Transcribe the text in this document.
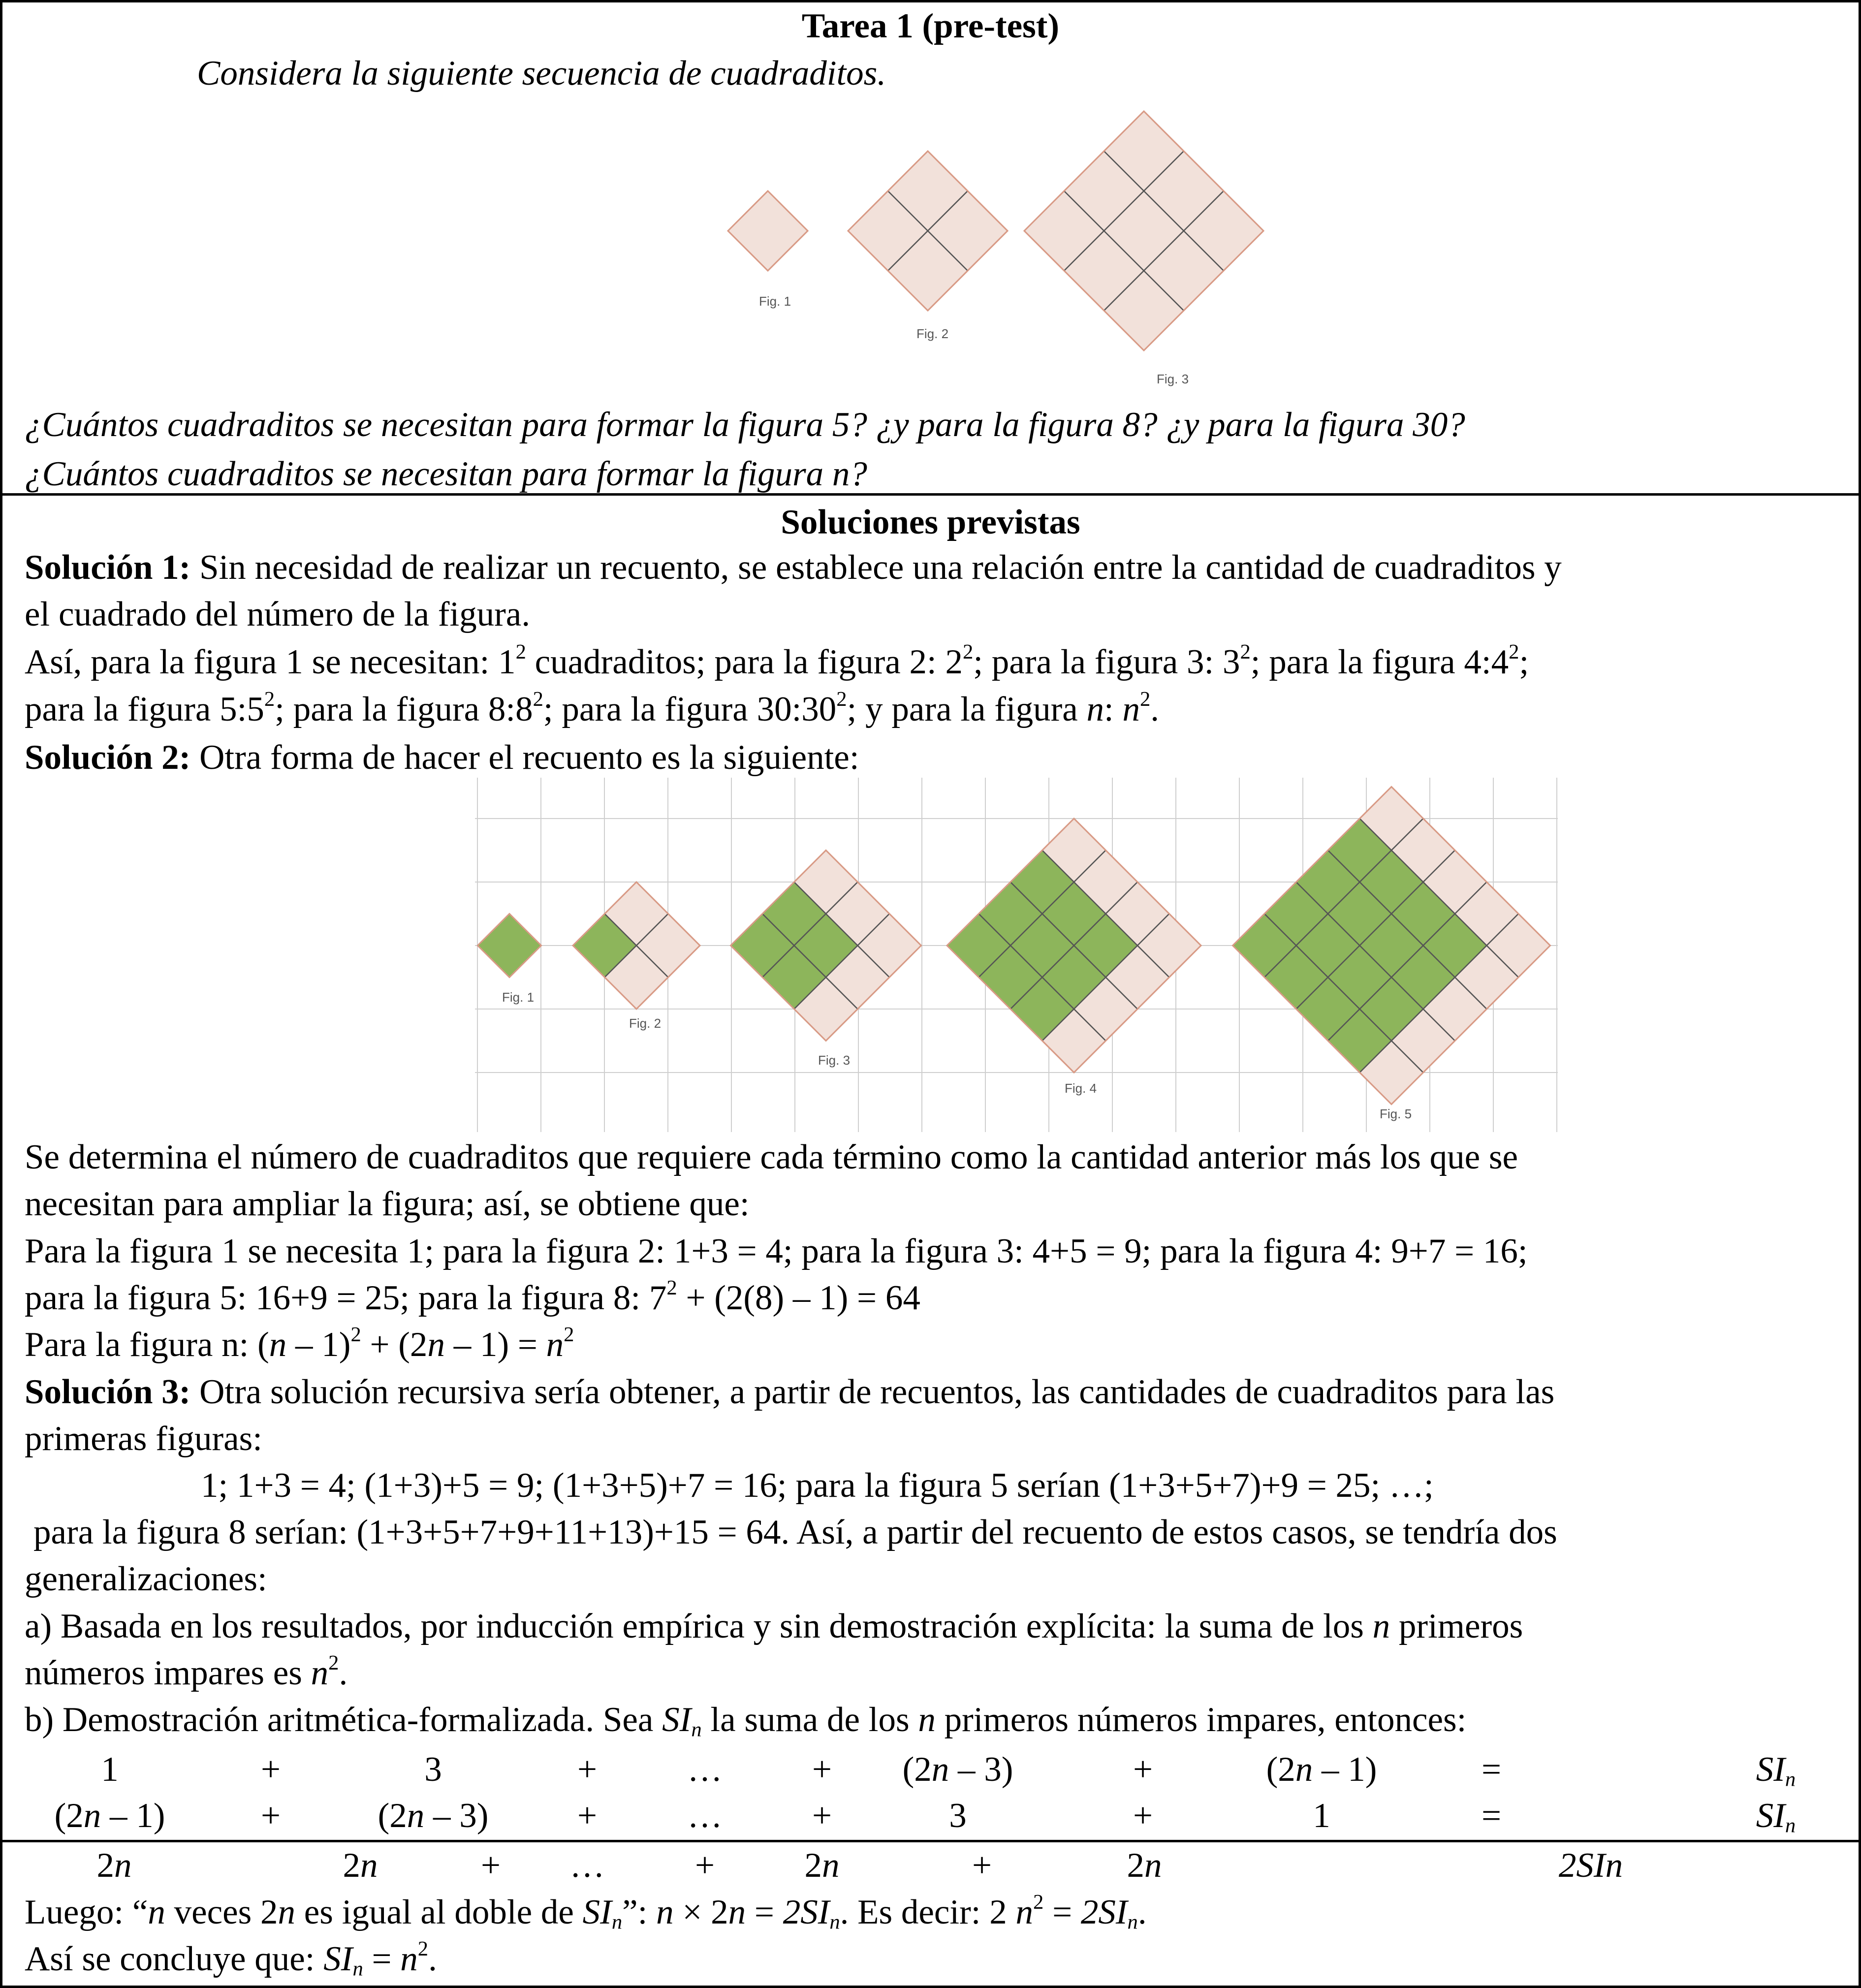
Tarea 1 (pre-test)
Considera la siguiente secuencia de cuadraditos.
Fig. 1
Fig. 2
Fig. 3
¿Cuántos cuadraditos se necesitan para formar la figura 5? ¿y para la figura 8? ¿y para la figura 30?
¿Cuántos cuadraditos se necesitan para formar la figura n?
Soluciones previstas
Solución 1: Sin necesidad de realizar un recuento, se establece una relación entre la cantidad de cuadraditos y
el cuadrado del número de la figura.
Así, para la figura 1 se necesitan: $1^2$ cuadraditos; para la figura 2: $2^2$; para la figura 3: $3^2$; para la figura $4:4^2$;
para la figura $5:5^2$; para la figura $8:8^2$; para la figura $30:30^2$; y para la figura n: $n^2$.
Solución 2: Otra forma de hacer el recuento es la siguiente:
Fig. 1
Fig. 2
Fig. 3
Fig. 4
Fig. 5
Se determina el número de cuadraditos que requiere cada término como la cantidad anterior más los que se
necesitan para ampliar la figura; así, se obtiene que:
Para la figura 1 se necesita 1; para la figura 2: 1+3 = 4; para la figura 3: 4+5 = 9; para la figura 4: 9+7 = 16;
para la figura 5: 16+9 = 25; para la figura 8: $7^2 + (2(8) - 1) = 64$
Para la figura n: $(n - 1)^2 + (2n - 1) = n^2$
Solución 3: Otra solución recursiva sería obtener, a partir de recuentos, las cantidades de cuadraditos para las
primeras figuras:
1; 1+3 = 4; (1+3)+5 = 9; (1+3+5)+7 = 16; para la figura 5 serían (1+3+5+7)+9 = 25; …;
para la figura 8 serían: (1+3+5+7+9+11+13)+15 = 64. Así, a partir del recuento de estos casos, se tendría dos
generalizaciones:
a) Basada en los resultados, por inducción empírica y sin demostración explícita: la suma de los n primeros
números impares es $n^2$.
b) Demostración aritmética-formalizada. Sea $SI_n$ la suma de los n primeros números impares, entonces:
1	+	3	+	…	+	(2n – 3)	+	(2n – 1)	=	$SI_n$
(2n – 1)	+	(2n – 3)	+	…	+	3	+	1	=	$SI_n$
2n	2n	+	…	+	2n	+	2n	2SIn
Luego: “n veces 2n es igual al doble de $SI_n$”: $n \times 2n = 2SI_n$. Es decir: 2 $n^2 = 2SI_n$.
Así se concluye que: $SI_n = n^2$.
